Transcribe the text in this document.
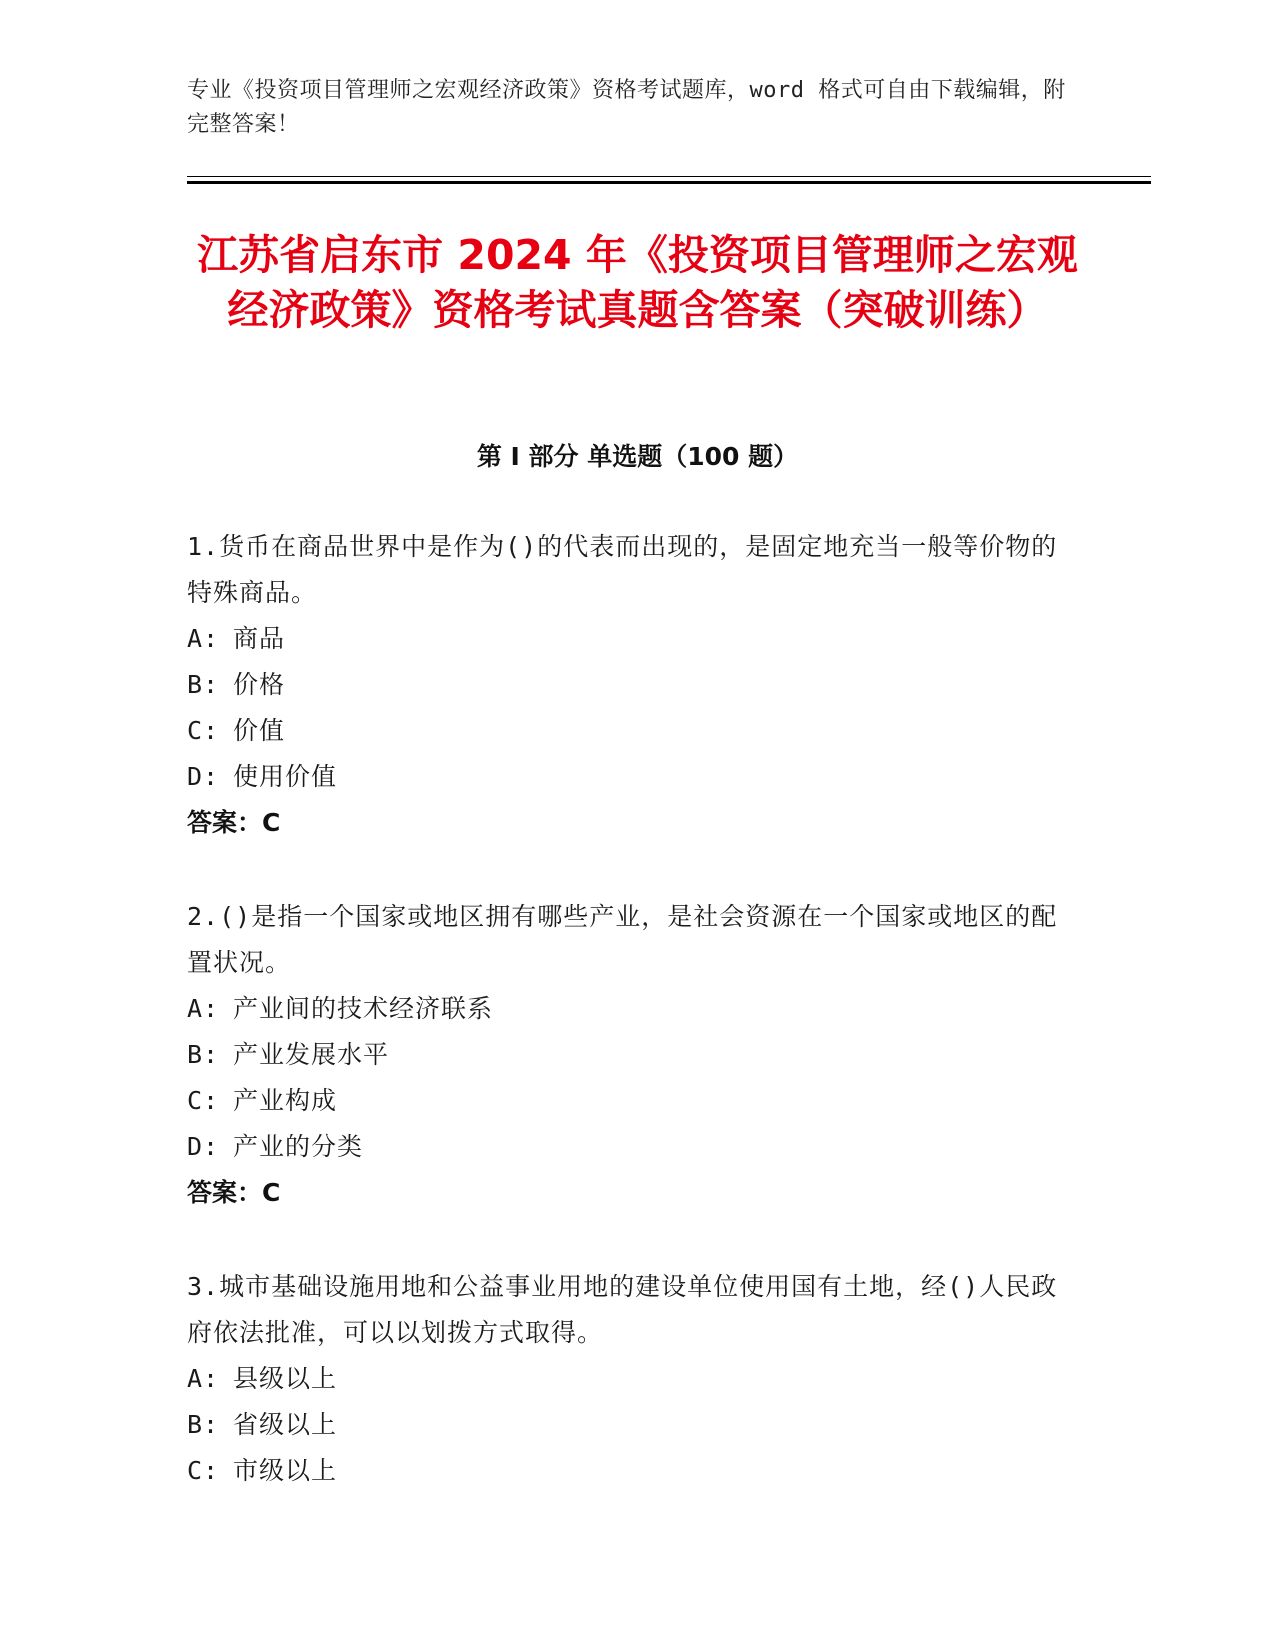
专业《投资项目管理师之宏观经济政策》资格考试题库，word 格式可自由下载编辑，附完整答案！
江苏省启东市 2024 年《投资项目管理师之宏观经济政策》资格考试真题含答案（突破训练）
第 I 部分 单选题（100 题）
1.货币在商品世界中是作为()的代表而出现的，是固定地充当一般等价物的特殊商品。
A: 商品
B: 价格
C: 价值
D: 使用价值
答案：C
2.()是指一个国家或地区拥有哪些产业，是社会资源在一个国家或地区的配置状况。
A: 产业间的技术经济联系
B: 产业发展水平
C: 产业构成
D: 产业的分类
答案：C
3.城市基础设施用地和公益事业用地的建设单位使用国有土地，经()人民政府依法批准，可以以划拨方式取得。
A: 县级以上
B: 省级以上
C: 市级以上
